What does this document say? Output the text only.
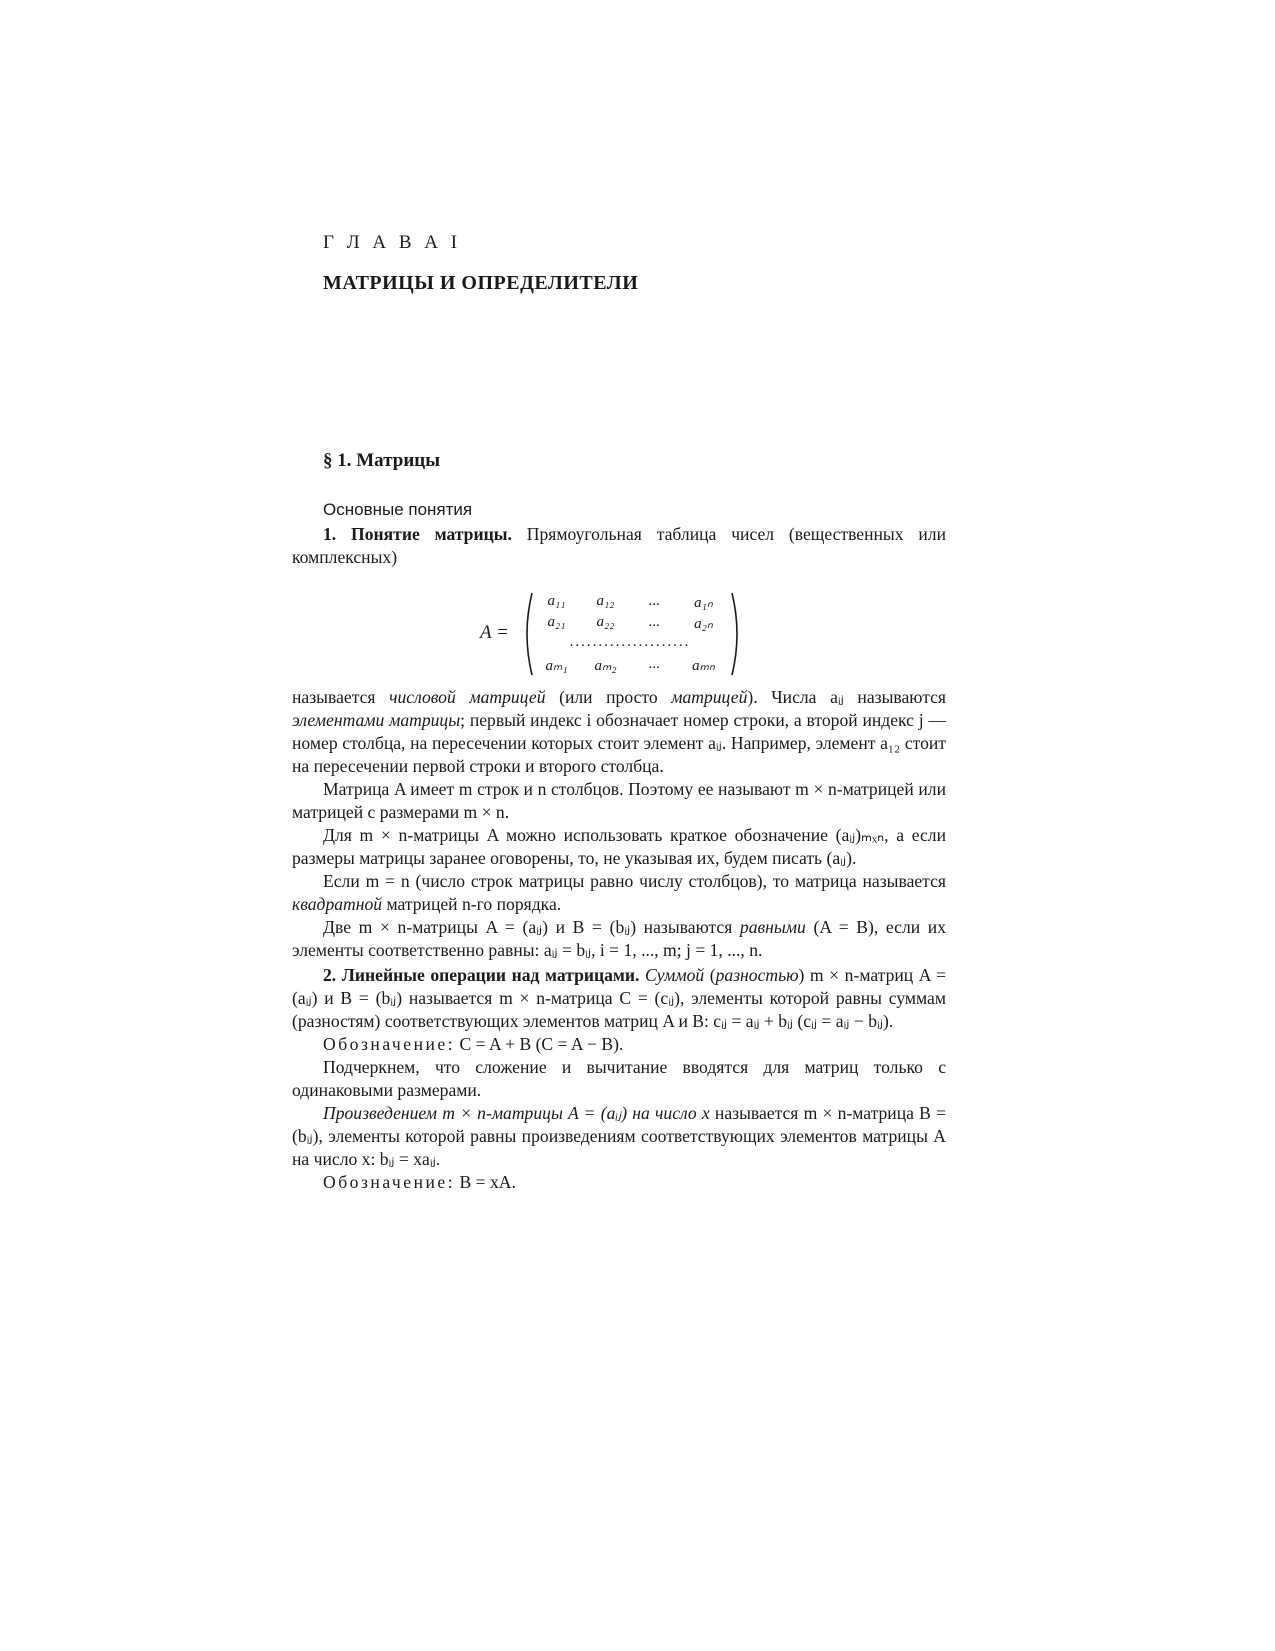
Г Л А В А I
МАТРИЦЫ И ОПРЕДЕЛИТЕЛИ
§ 1. Матрицы
Основные понятия

1. Понятие матрицы. Прямоугольная таблица чисел (вещественных или комплексных)

A =
a₁₁	a₁₂	...	a₁ₙ
a₂₁	a₂₂	...	a₂ₙ
.....................
aₘ₁	aₘ₂	...	aₘₙ

называется числовой матрицей (или просто матрицей). Числа aᵢⱼ называются элементами матрицы; первый индекс i обозначает номер строки, а второй индекс j — номер столбца, на пересечении которых стоит элемент aᵢⱼ. Например, элемент a₁₂ стоит на пересечении первой строки и второго столбца.

Матрица A имеет m строк и n столбцов. Поэтому ее называют m × n-матрицей или матрицей с размерами m × n.

Для m × n-матрицы A можно использовать краткое обозначение (aᵢⱼ)ₘₓₙ, а если размеры матрицы заранее оговорены, то, не указывая их, будем писать (aᵢⱼ).

Если m = n (число строк матрицы равно числу столбцов), то матрица называется квадратной матрицей n-го порядка.

Две m × n-матрицы A = (aᵢⱼ) и B = (bᵢⱼ) называются равными (A = B), если их элементы соответственно равны: aᵢⱼ = bᵢⱼ, i = 1, ..., m; j = 1, ..., n.

2. Линейные операции над матрицами. Суммой (разностью) m × n-матриц A = (aᵢⱼ) и B = (bᵢⱼ) называется m × n-матрица C = (cᵢⱼ), элементы которой равны суммам (разностям) соответствующих элементов матриц A и B: cᵢⱼ = aᵢⱼ + bᵢⱼ (cᵢⱼ = aᵢⱼ − bᵢⱼ).

Обозначение: C = A + B (C = A − B).

Подчеркнем, что сложение и вычитание вводятся для матриц только с одинаковыми размерами.

Произведением m × n-матрицы A = (aᵢⱼ) на число x называется m × n-матрица B = (bᵢⱼ), элементы которой равны произведениям соответствующих элементов матрицы A на число x: bᵢⱼ = xaᵢⱼ.

Обозначение: B = xA.
